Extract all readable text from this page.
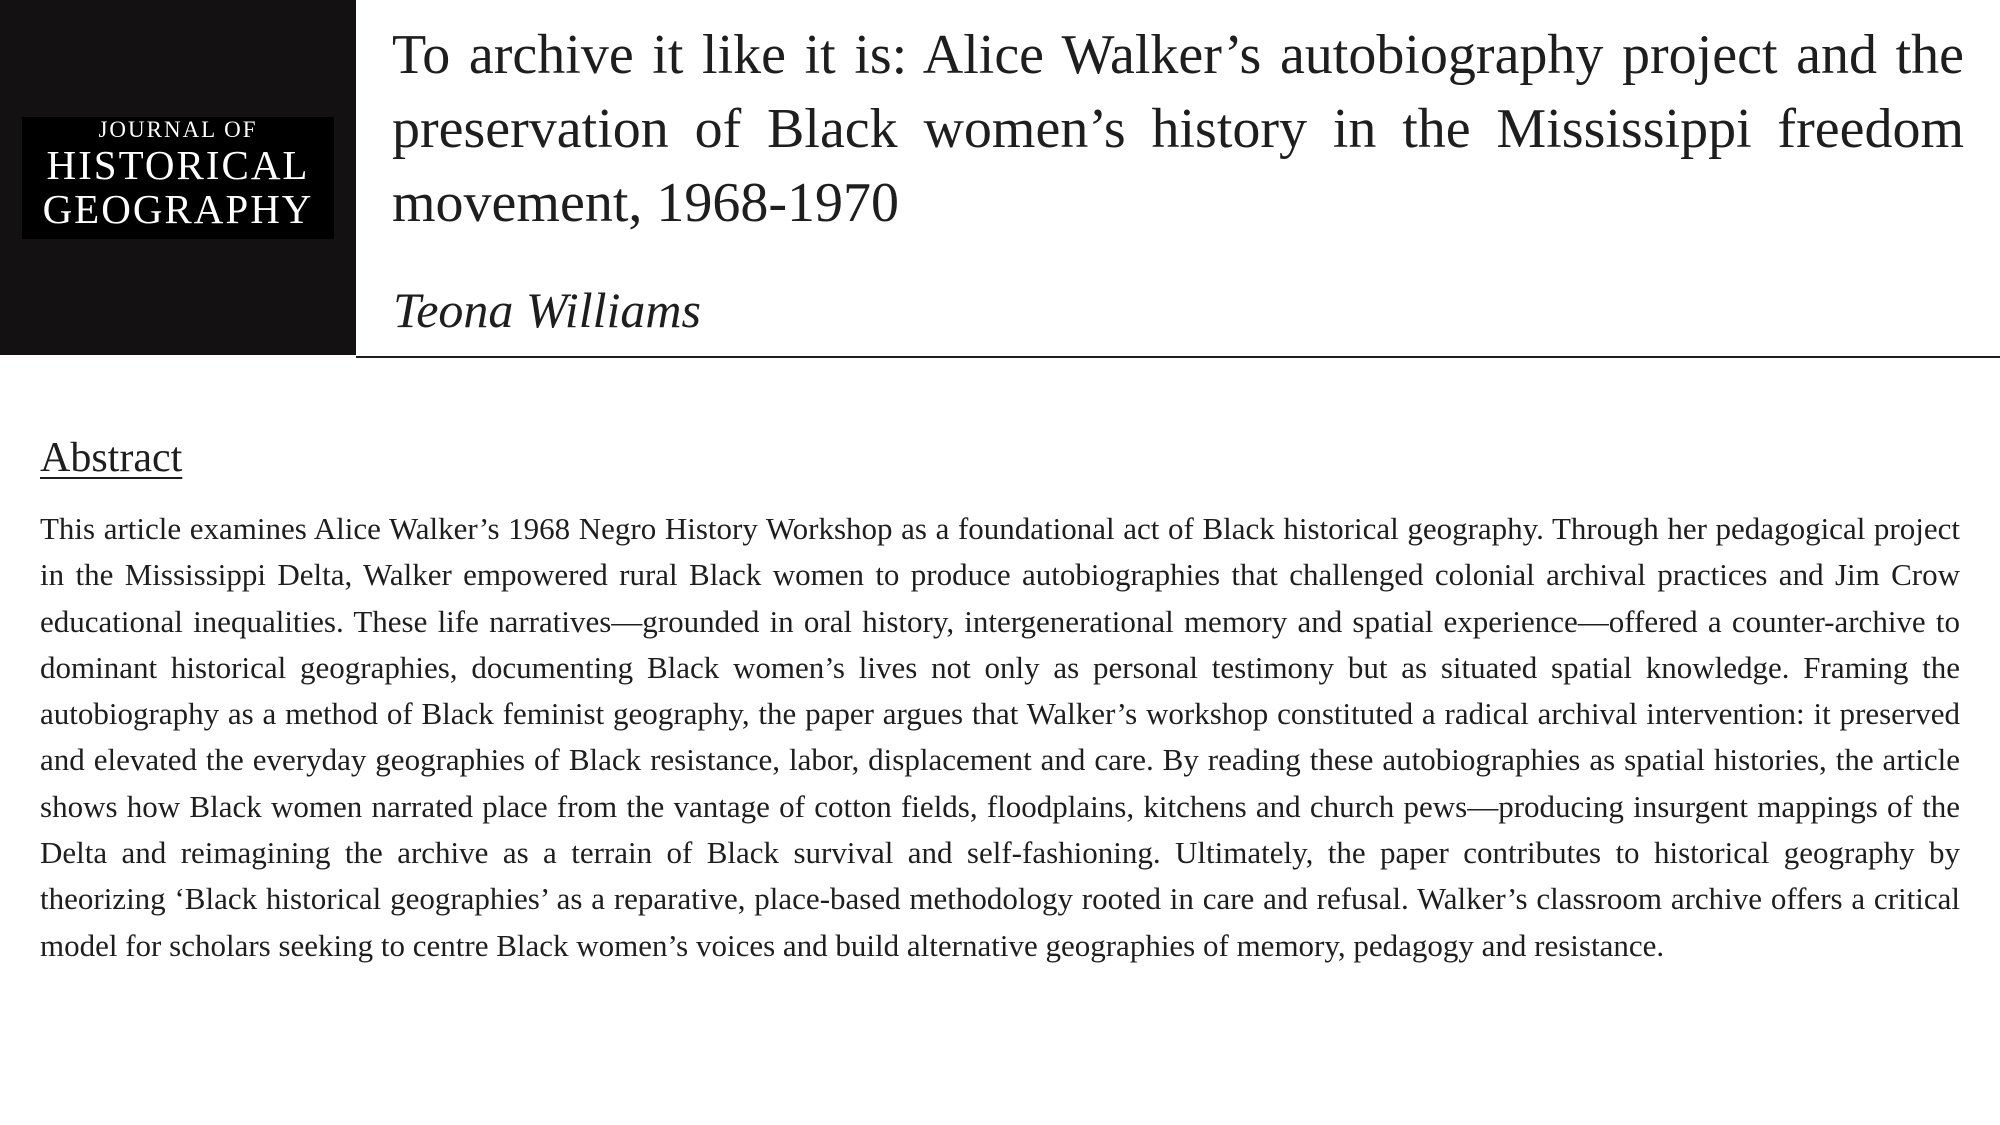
JOURNAL OF
HISTORICAL
GEOGRAPHY
To archive it like it is: Alice Walker’s autobiography project and the preservation of Black women’s history in the Mississippi freedom movement, 1968-1970
Teona Williams
Abstract

This article examines Alice Walker’s 1968 Negro History Workshop as a foundational act of Black historical geography. Through her pedagogical project in the Mississippi Delta, Walker empowered rural Black women to produce autobiographies that challenged colonial archival practices and Jim Crow educational inequalities. These life narratives—grounded in oral history, intergenerational memory and spatial experience—offered a counter-archive to dominant historical geographies, documenting Black women’s lives not only as personal testimony but as situated spatial knowledge. Framing the autobiography as a method of Black feminist geography, the paper argues that Walker’s workshop constituted a radical archival intervention: it preserved and elevated the everyday geographies of Black resistance, labor, displacement and care. By reading these autobiographies as spatial histories, the article shows how Black women narrated place from the vantage of cotton fields, floodplains, kitchens and church pews—producing insurgent mappings of the Delta and reimagining the archive as a terrain of Black survival and self-fashioning. Ultimately, the paper contributes to historical geography by theorizing ‘Black historical geographies’ as a reparative, place-based methodology rooted in care and refusal. Walker’s classroom archive offers a critical model for scholars seeking to centre Black women’s voices and build alternative geographies of memory, pedagogy and resistance.
